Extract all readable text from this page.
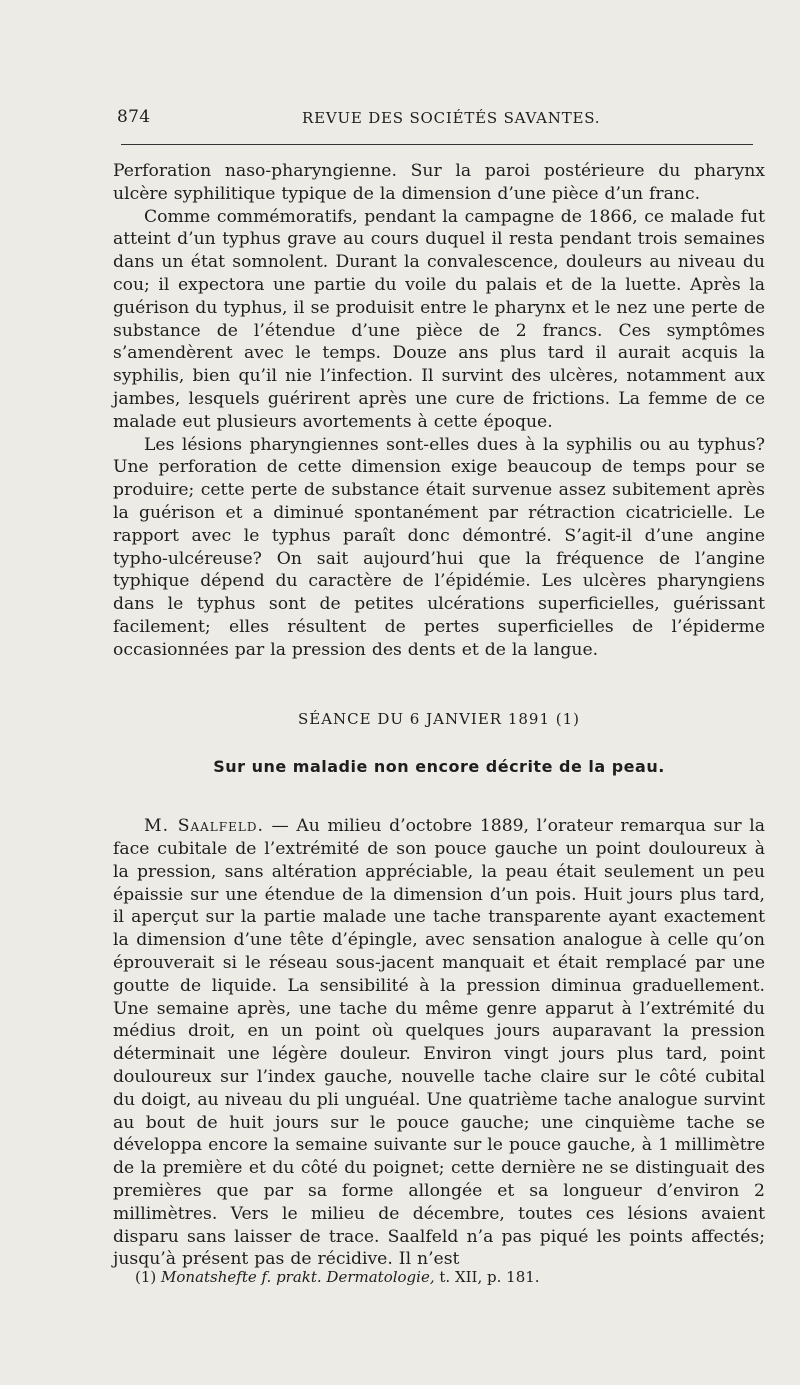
874	REVUE DES SOCIÉTÉS SAVANTES.

Perforation naso-pharyngienne. Sur la paroi postérieure du pharynx ulcère syphilitique typique de la dimension d’une pièce d’un franc.

Comme commémoratifs, pendant la campagne de 1866, ce malade fut atteint d’un typhus grave au cours duquel il resta pendant trois semaines dans un état somnolent. Durant la convalescence, douleurs au niveau du cou; il expectora une partie du voile du palais et de la luette. Après la guérison du typhus, il se produisit entre le pharynx et le nez une perte de substance de l’étendue d’une pièce de 2 francs. Ces symptômes s’amendèrent avec le temps. Douze ans plus tard il aurait acquis la syphilis, bien qu’il nie l’infection. Il survint des ulcères, notamment aux jambes, lesquels guérirent après une cure de frictions. La femme de ce malade eut plusieurs avortements à cette époque.

Les lésions pharyngiennes sont-elles dues à la syphilis ou au typhus? Une perforation de cette dimension exige beaucoup de temps pour se produire; cette perte de substance était survenue assez subitement après la guérison et a diminué spontanément par rétraction cicatricielle. Le rapport avec le typhus paraît donc démontré. S’agit-il d’une angine typho-ulcéreuse? On sait aujourd’hui que la fréquence de l’angine typhique dépend du caractère de l’épidémie. Les ulcères pharyngiens dans le typhus sont de petites ulcérations superficielles, guérissant facilement; elles résultent de pertes superficielles de l’épiderme occasionnées par la pression des dents et de la langue.

SÉANCE DU 6 JANVIER 1891 (1)
Sur une maladie non encore décrite de la peau.

M. Saalfeld. — Au milieu d’octobre 1889, l’orateur remarqua sur la face cubitale de l’extrémité de son pouce gauche un point douloureux à la pression, sans altération appréciable, la peau était seulement un peu épaissie sur une étendue de la dimension d’un pois. Huit jours plus tard, il aperçut sur la partie malade une tache transparente ayant exactement la dimension d’une tête d’épingle, avec sensation analogue à celle qu’on éprouverait si le réseau sous-jacent manquait et était remplacé par une goutte de liquide. La sensibilité à la pression diminua graduellement. Une semaine après, une tache du même genre apparut à l’extrémité du médius droit, en un point où quelques jours auparavant la pression déterminait une légère douleur. Environ vingt jours plus tard, point douloureux sur l’index gauche, nouvelle tache claire sur le côté cubital du doigt, au niveau du pli unguéal. Une quatrième tache analogue survint au bout de huit jours sur le pouce gauche; une cinquième tache se développa encore la semaine suivante sur le pouce gauche, à 1 millimètre de la première et du côté du poignet; cette dernière ne se distinguait des premières que par sa forme allongée et sa longueur d’environ 2 millimètres. Vers le milieu de décembre, toutes ces lésions avaient disparu sans laisser de trace. Saalfeld n’a pas piqué les points affectés; jusqu’à présent pas de récidive. Il n’est

(1) Monatshefte f. prakt. Dermatologie, t. XII, p. 181.
